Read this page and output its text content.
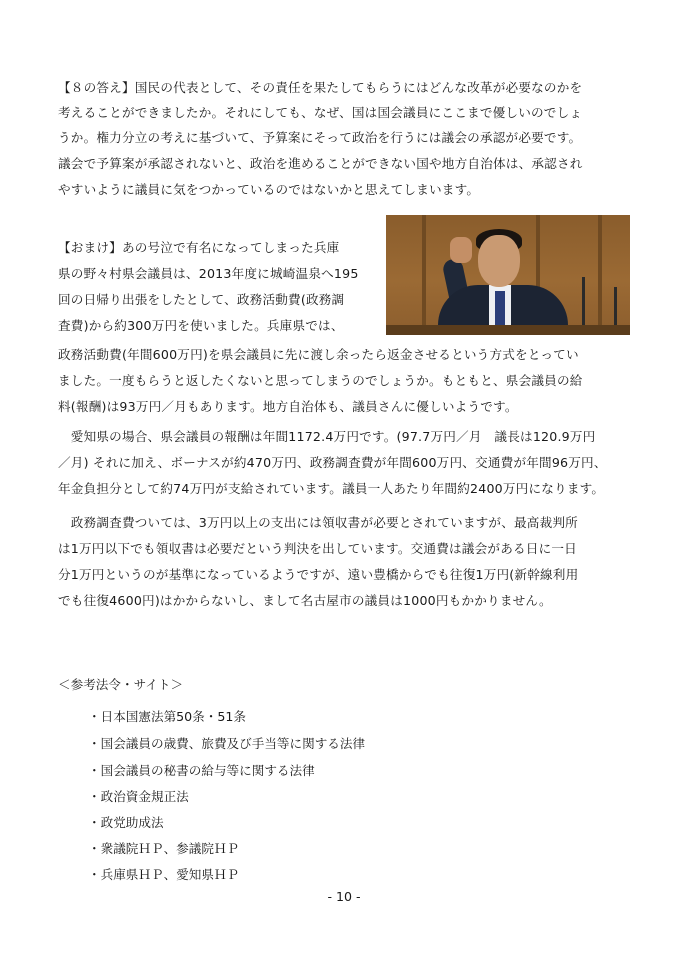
【８の答え】国民の代表として、その責任を果たしてもらうにはどんな改革が必要なのかを
考えることができましたか。それにしても、なぜ、国は国会議員にここまで優しいのでしょ
うか。権力分立の考えに基づいて、予算案にそって政治を行うには議会の承認が必要です。
議会で予算案が承認されないと、政治を進めることができない国や地方自治体は、承認され
やすいように議員に気をつかっているのではないかと思えてしまいます。
【おまけ】あの号泣で有名になってしまった兵庫
県の野々村県会議員は、2013年度に城崎温泉へ195
回の日帰り出張をしたとして、政務活動費(政務調
査費)から約300万円を使いました。兵庫県では、
政務活動費(年間600万円)を県会議員に先に渡し余ったら返金させるという方式をとってい
ました。一度もらうと返したくないと思ってしまうのでしょうか。もともと、県会議員の給
料(報酬)は93万円／月もあります。地方自治体も、議員さんに優しいようです。
　愛知県の場合、県会議員の報酬は年間1172.4万円です。(97.7万円／月　議長は120.9万円
／月) それに加え、ボーナスが約470万円、政務調査費が年間600万円、交通費が年間96万円、
年金負担分として約74万円が支給されています。議員一人あたり年間約2400万円になります。
　政務調査費ついては、3万円以上の支出には領収書が必要とされていますが、最高裁判所
は1万円以下でも領収書は必要だという判決を出しています。交通費は議会がある日に一日
分1万円というのが基準になっているようですが、遠い豊橋からでも往復1万円(新幹線利用
でも往復4600円)はかからないし、まして名古屋市の議員は1000円もかかりません。
＜参考法令・サイト＞
・日本国憲法第50条・51条
・国会議員の歳費、旅費及び手当等に関する法律
・国会議員の秘書の給与等に関する法律
・政治資金規正法
・政党助成法
・衆議院ＨＰ、参議院ＨＰ
・兵庫県ＨＰ、愛知県ＨＰ
- 10 -
